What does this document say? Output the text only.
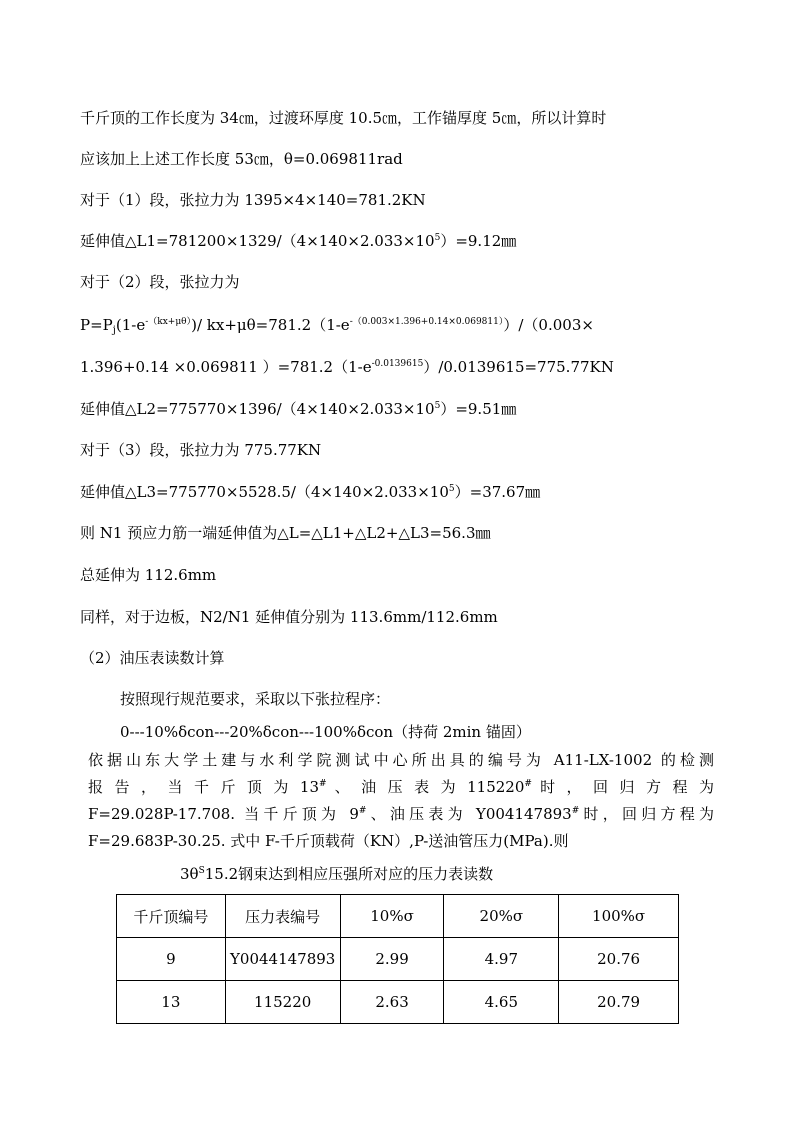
千斤顶的工作长度为 34㎝，过渡环厚度 10.5㎝，工作锚厚度 5㎝，所以计算时
应该加上上述工作长度 53㎝，θ=0.069811rad
对于（1）段，张拉力为 1395×4×140=781.2KN
延伸值$\triangle L1=781200\times 1329/(4\times 140\times 2.033\times 10^5)=9.12㎜$
对于（2）段，张拉力为
$P=P_j(1-e^{-(kx+\mu\theta)})/$ $kx+\mu\theta=781.2(1-e^{-(0.003\times 1.396+0.14\times 0.069811)})/(0.003\times$
1.396+0.14 ×0.069811 ）$=781.2(1-e^{-0.0139615})/0.0139615=775.77KN$
延伸值$\triangle L2=775770\times 1396/(4\times 140\times 2.033\times 10^5)=9.51㎜$
对于（3）段，张拉力为 775.77KN
延伸值$\triangle L3=775770\times 5528.5/(4\times 140\times 2.033\times 10^5)=37.67㎜$
则 N1 预应力筋一端延伸值为△L=△L1+△L2+△L3=56.3㎜
总延伸为 112.6mm
同样，对于边板，N2/N1 延伸值分别为 113.6mm/112.6mm
（2）油压表读数计算
按照现行规范要求，采取以下张拉程序：
0---10%δcon---20%δcon---100%δcon（持荷 2min 锚固）
依据山东大学土建与水利学院测试中心所出具的编号为 A11-LX-1002 的检测
报 告 ， 当 千 斤 顶 为 13# 、 油 压 表 为 115220# 时 ， 回 归 方 程 为
F=29.028P-17.708. 当千斤顶为 9#、油压表为 Y004147893#时，回归方程为
F=29.683P-30.25. 式中 F-千斤顶载荷（KN）,P-送油管压力(MPa).则
$3\theta^S15.2$钢束达到相应压强所对应的压力表读数
千斤顶编号	压力表编号	10%σ	20%σ	100%σ
9	Y0044147893	2.99	4.97	20.76
13	115220	2.63	4.65	20.79
